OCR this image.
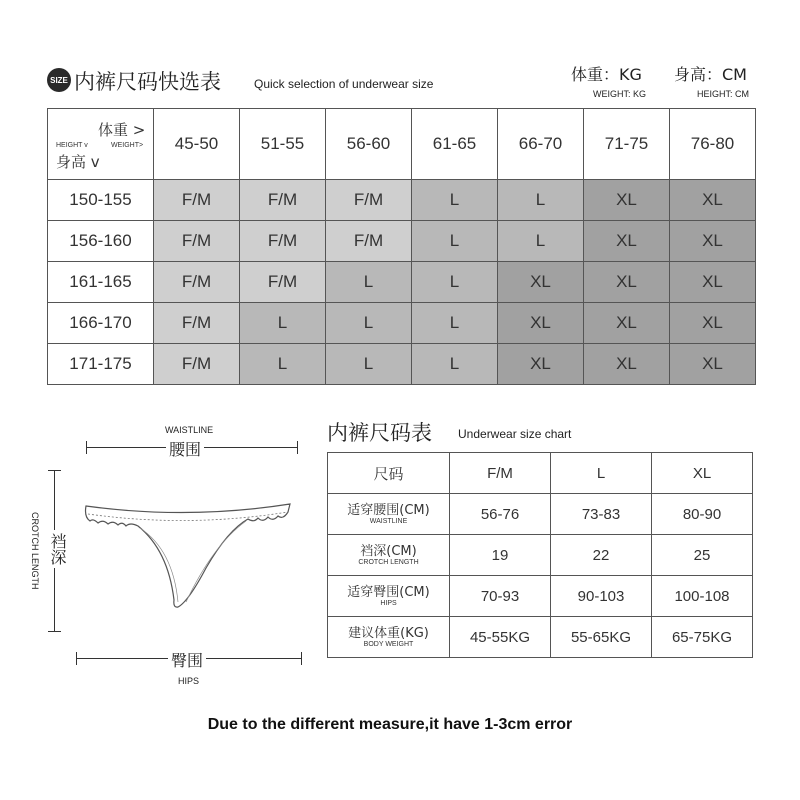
SIZE 内裤尺码快选表	Quick selection of underwear size	体重：KG
WEIGHT: KG
身高：CM
HEIGHT: CM
体重 >
HEIGHT v WEIGHT>
身高 v	45-50	51-55	56-60	61-65	66-70	71-75	76-80
150-155	F/M	F/M	F/M	L	L	XL	XL
156-160	F/M	F/M	F/M	L	L	XL	XL
161-165	F/M	F/M	L	L	XL	XL	XL
166-170	F/M	L	L	L	XL	XL	XL
171-175	F/M	L	L	L	XL	XL	XL
WAISTLINE
腰围
CROTCH LENGTH 裆深
臀围
HIPS
内裤尺码表 Underwear size chart
尺码	F/M	L	XL
适穿腰围(CM)
WAISTLINE	56-76	73-83	80-90
裆深(CM)
CROTCH LENGTH	19	22	25
适穿臀围(CM)
HIPS	70-93	90-103	100-108
建议体重(KG)
BODY WEIGHT	45-55KG	55-65KG	65-75KG
Due to the different measure,it have 1-3cm error
